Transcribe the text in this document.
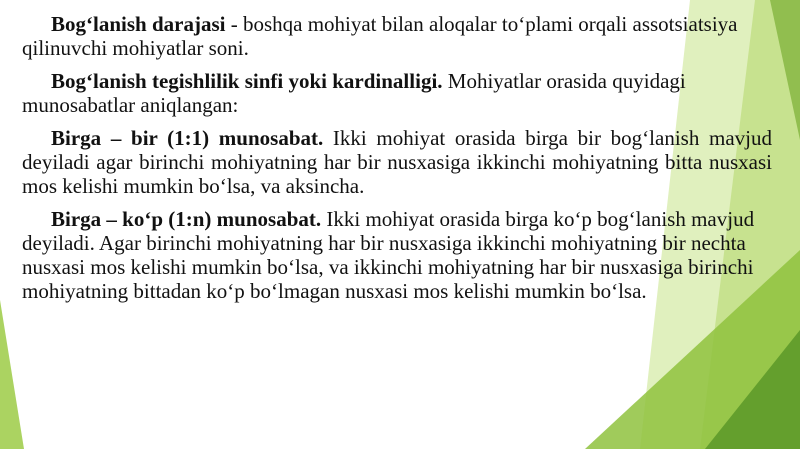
Bog‘lanish darajasi - boshqa mohiyat bilan aloqalar to‘plami orqali assotsiatsiya qilinuvchi mohiyatlar soni.

Bog‘lanish tegishlilik sinfi yoki kardinalligi. Mohiyatlar orasida quyidagi munosabatlar aniqlangan:

Birga – bir (1:1) munosabat. Ikki mohiyat orasida birga bir bog‘lanish mavjud deyiladi agar birinchi mohiyatning har bir nusxasiga ikkinchi mohiyatning bitta nusxasi mos kelishi mumkin bo‘lsa, va aksincha.

Birga – ko‘p (1:n) munosabat. Ikki mohiyat orasida birga ko‘p bog‘lanish mavjud deyiladi. Agar birinchi mohiyatning har bir nusxasiga ikkinchi mohiyatning bir nechta nusxasi mos kelishi mumkin bo‘lsa, va ikkinchi mohiyatning har bir nusxasiga birinchi mohiyatning bittadan ko‘p bo‘lmagan nusxasi mos kelishi mumkin bo‘lsa.
